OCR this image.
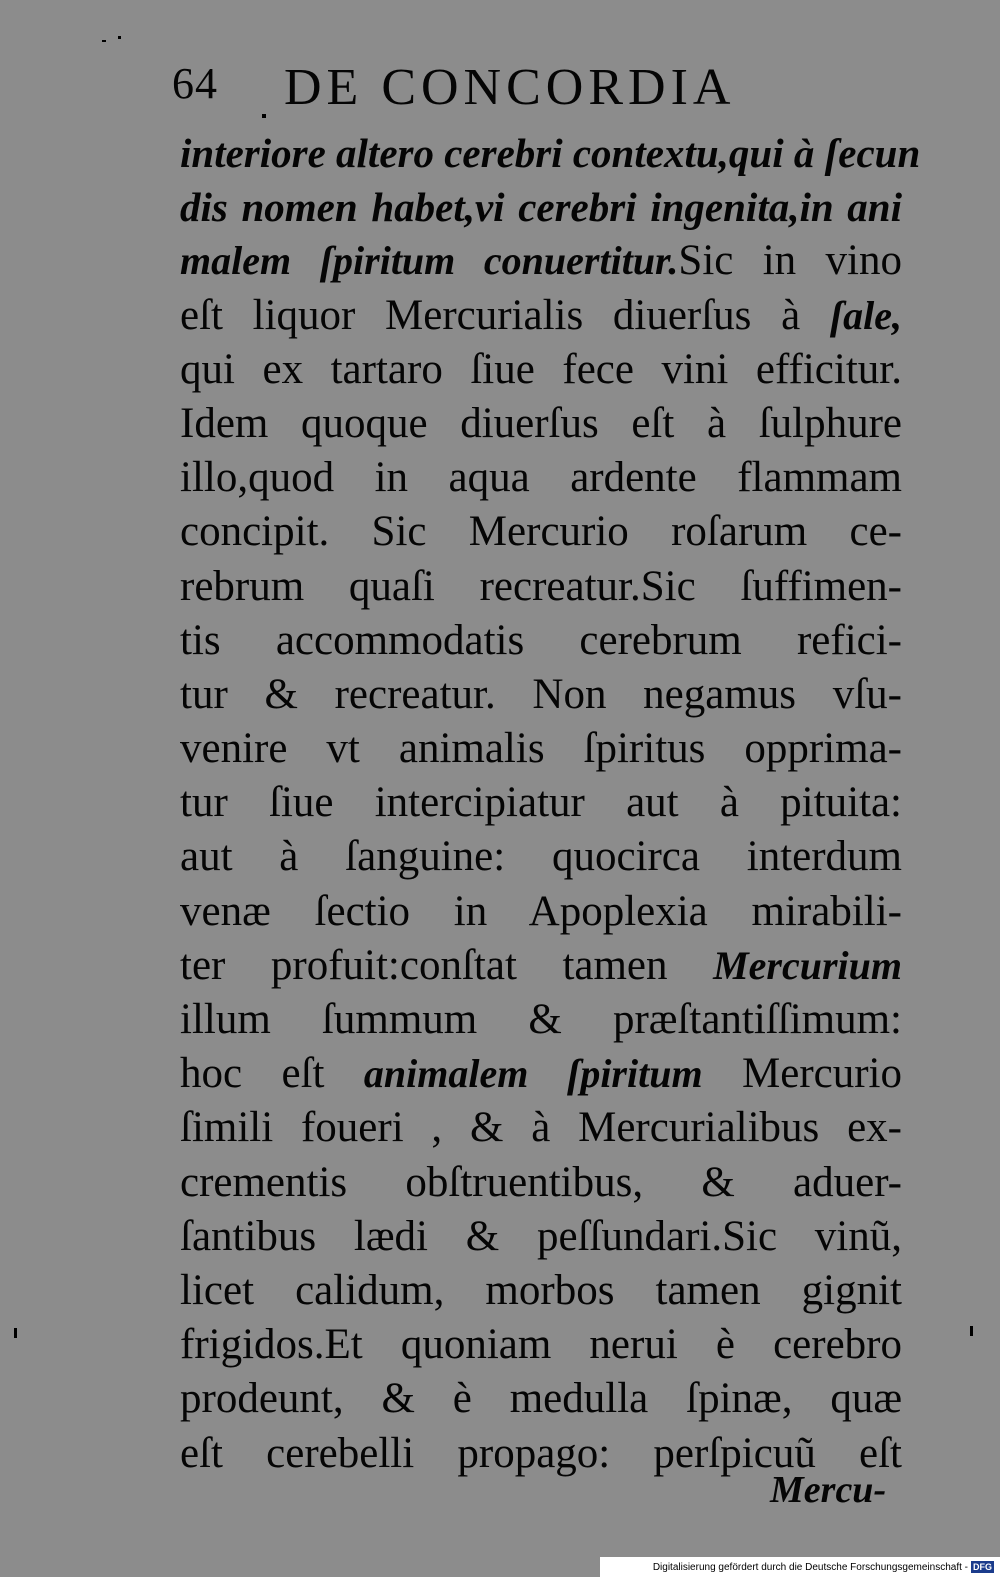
64 DE CONCORDIA
interiore altero cerebri contextu,qui à ſecun
dis nomen habet,vi cerebri ingenita,in ani
malem ſpiritum conuertitur.Sic in vino
eſt liquor Mercurialis diuerſus à ſale,
qui ex tartaro ſiue fece vini efficitur.
Idem quoque diuerſus eſt à ſulphure
illo,quod in aqua ardente flammam
concipit. Sic Mercurio roſarum ce-
rebrum quaſi recreatur.Sic ſuffimen-
tis accommodatis cerebrum refici-
tur & recreatur. Non negamus vſu-
venire vt animalis ſpiritus opprima-
tur ſiue intercipiatur aut à pituita:
aut à ſanguine: quocirca interdum
venæ ſectio in Apoplexia mirabili-
ter profuit:conſtat tamen Mercurium
illum ſummum & præſtantiſſimum:
hoc eſt animalem ſpiritum Mercurio
ſimili foueri , & à Mercurialibus ex-
crementis obſtruentibus, & aduer-
ſantibus lædi & peſſundari.Sic vinũ,
licet calidum, morbos tamen gignit
frigidos.Et quoniam nerui è cerebro
prodeunt, & è medulla ſpinæ, quæ
eſt cerebelli propago: perſpicuũ eſt
Mercu-
Digitalisierung gefördert durch die Deutsche Forschungsgemeinschaft - DFG
